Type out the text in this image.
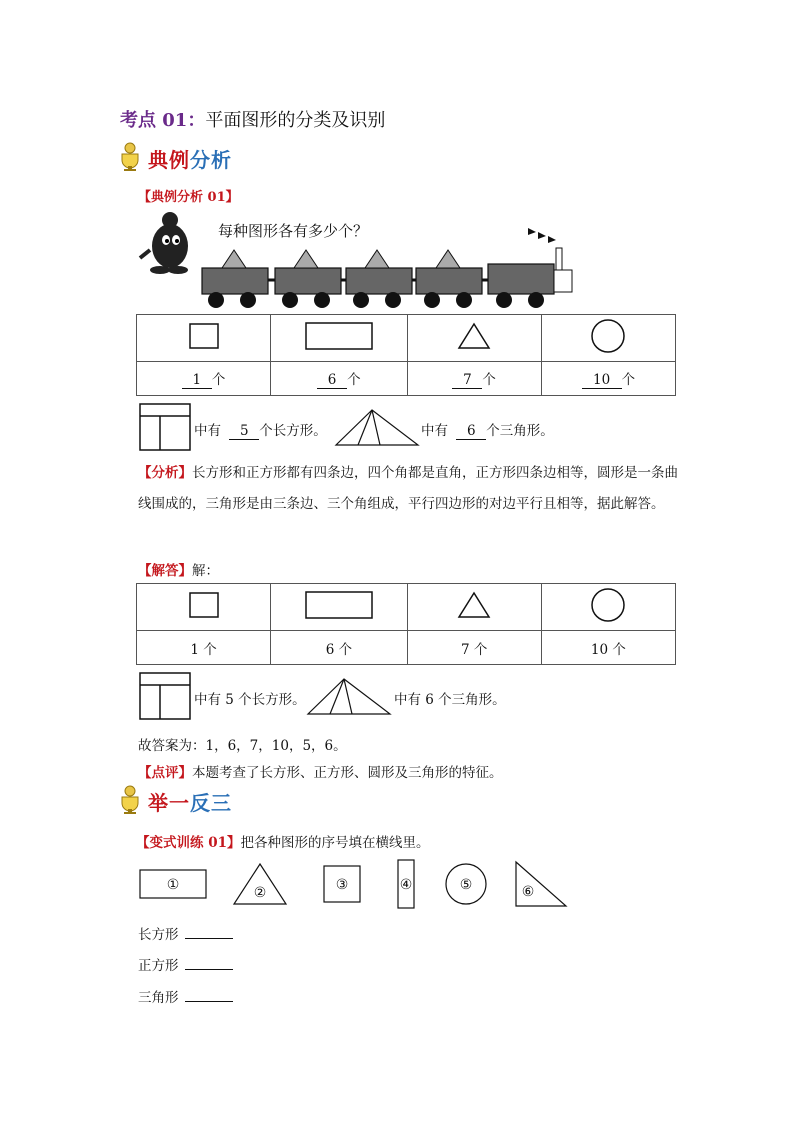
考点 01：平面图形的分类及识别
典例分析
【典例分析 01】
每种图形各有多少个？

1 个	6 个	7 个	10 个
中有 5 个长方形。	中有 6 个三角形。
【分析】长方形和正方形都有四条边，四个角都是直角，正方形四条边相等，圆形是一条曲线围成的，三角形是由三条边、三个角组成，平行四边形的对边平行且相等，据此解答。
【解答】解：

1 个	6 个	7 个	10 个
中有 5 个长方形。	中有 6 个三角形。
故答案为：1，6，7，10，5，6。
【点评】本题考查了长方形、正方形、圆形及三角形的特征。
举一反三
【变式训练 01】把各种图形的序号填在横线里。
①	②	③	④	⑤	⑥
长方形
正方形
三角形
